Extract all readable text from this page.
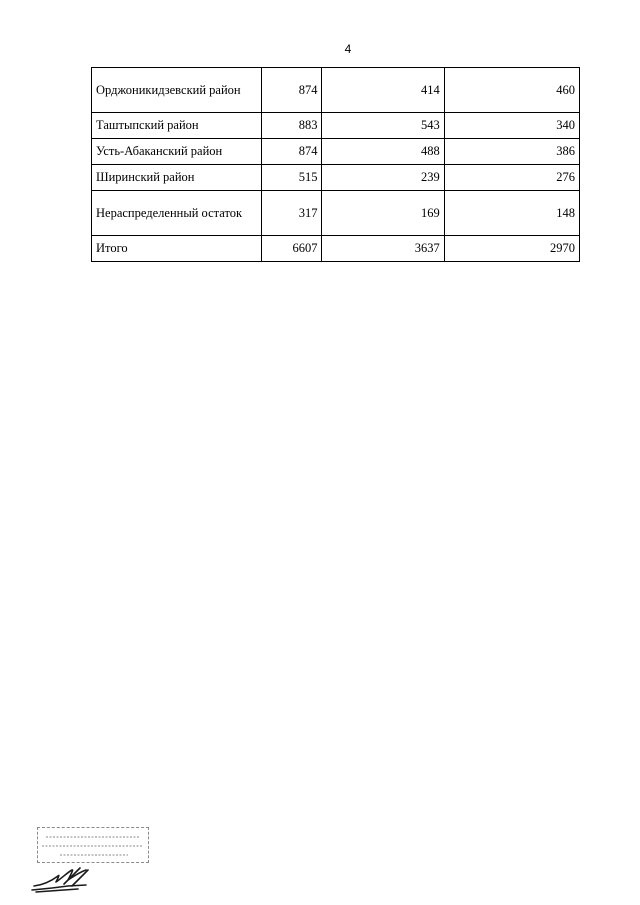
4
Орджоникидзевский район	874	414	460
Таштыпский район	883	543	340
Усть-Абаканский район	874	488	386
Ширинский район	515	239	276
Нераспределенный остаток	317	169	148
Итого	6607	3637	2970
